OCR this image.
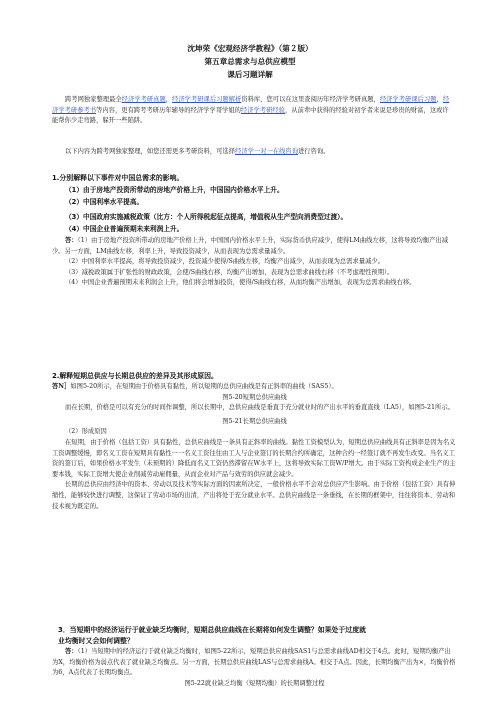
沈坤荣《宏观经济学教程》（第２版）
第五章总需求与总供应模型
课后习题详解

跨考网独家整理最全经济学考研真题，经济学考研课后习题解析资料库，您可以在这里查阅历年经济学考研真题，经济学考研课后习题，经济学考研参考书等内容，更有跨考考研历年辅导的经济学学哥学姐的经济学考研经验，从前辈中获得的经验对初学者来说是珍贵的财富，这或许能帮你少走弯路，躲开一些陷阱。

以下内容为跨考网独家整理，如您还需更多考研资料，可选择经济学一对一在线咨询进行咨询。

1.分别解释以下事件对中国总需求的影响。

（1）由于房地产投资所带动的房地产价格上升，中国国内价格水平上升。

（2）中国利率水平提高。

（3）中国政府实施减税政策（比方：个人所得税起征点提高，增值税从生产型向消费型过渡）。

（4）中国企业普遍预期未来利润上升。

答：（1）由于房地产投资所带动的房地产价格上升，中国国内价格水平上升，实际货币供应减少，使得LM曲线左移，这将导致均衡产出减少。另一方面，LM曲线左移，利率上升，导致投资减少，从而表现为总需求量减少。

（2）中国利率水平提高，将导致投资减少，投资减少使得/S曲线左移，均衡产出减少，从而表现为总需求量减少。

（3）减税政策属于扩张性的财政政策，会使/S曲线右移，均衡产出增加，表现为总需求曲线右移（不考虑理性预期）。

（4）中国企业普遍预期未来利润会上升，他们将会增加投资，使得/S曲线右移，从而均衡产出增加，表现为总需求曲线右移。

2.解释短期总供应与长期总供应的差异及其形成原因。

答N］如图5-20所示，在短期由于价格具有黏性，所以短期的总供应曲线是有正斜率的曲线（SAS5）。

图5-20短期总供应曲线

而在长期，价格是可以有充分的时间作调整，所以长期中，总供应曲线是垂直于充分就业时的产出水平的垂直直线（LA5），如图5-21所示。

图5-21长期总供应曲线

（2）形成原因

在短期，由于价格（包括工资）具有黏性，总供应曲线是一条具有正斜率的曲线。黏性工资模型认为，短期总供应曲线具有正斜率是因为名义工资调整缓慢，即名义工资在短期具有黏性一一名义工资往往由工人与企业签订的长期合约所确定，这种合约一经签订就不再发生改变。当名义工资的签订后，如果价格水平发生（未预期的）降低而名义工资仍然滞留在W水平上，这将导致实际工资W/P增大。由于实际工资构成企业生产的主要本钱，实际工资增大使企业削减劳动雇佣量，从而企业对产品与效劳的供应就会减少。

长期的总供应由经济中的资本、劳动以及技术等实际方面的因素所决定，一般价格水平不会对总供应产生影响。由于价格（包括工资）具有伸缩性，能够较快进行调整，这保证了劳动市场的出清，产出将处于充分就业水平。总供应曲线是一条垂线，在长期的框架中，往往将资本、劳动和技术视为既定的。

3．当短期中的经济运行于就业缺乏均衡时，短期总供应曲线在长期将如何发生调整？如果处于过度就

业均衡时又会如何调整？

答：（1）当短期中的经济运行于就业缺乏均衡时，如图5-22所示，短期总供应曲线SAS1与总需求曲线AD相交于4点。此时，短期均衡产出为X，均衡价格为弱点代表了就业缺乏均衡点。另一方面，长期总供应曲线LAS与总需求曲线A。相交于A点。因此，长期均衡产出为×，均衡价格为6，A点代表了长期均衡点。

图5-22就业缺乏均衡（短期均衡）的长期调整过程
